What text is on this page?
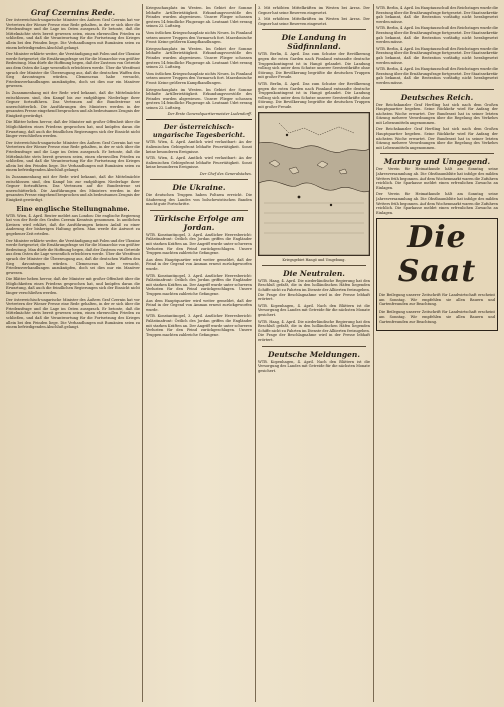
Graf Czernins Rede.

Der österreichisch-ungarische Minister des Äußern Graf Czernin hat vor Vertretern der Wiener Presse eine Rede gehalten, in der er sich über die Friedensfrage und die Lage im Osten aussprach. Er betonte, daß die Mittelmächte stets bereit gewesen seien, einen ehrenvollen Frieden zu schließen, und daß die Verantwortung für die Fortsetzung des Krieges allein bei den Feinden liege. Die Verhandlungen mit Rumänien seien zu einem befriedigenden Abschluß gelangt.

Der Minister erklärte weiter, die Verständigung mit Polen und der Ukraine werde fortgesetzt; die Ernährungsfrage sei für die Monarchie von größter Bedeutung. Man dürfe die Hoffnung hegen, daß der Zustrom von Getreide aus dem Osten die Lage wesentlich erleichtern werde. Über die Westfront sprach der Minister die Überzeugung aus, daß die deutschen Waffen den Sieg davontragen würden. Clemenceau habe versucht, Friedensverhandlungen anzuknüpfen, doch sei dies nur ein Manöver gewesen.

In Zusammenhang mit der Rede wird bekannt, daß die Mittelmächte entschlossen sind, den Kampf bis zur endgültigen Niederlage ihrer Gegner fortzuführen. Das Vertrauen auf die Bundestreue sei unerschütterlich. Die Ausführungen des Ministers werden in der gesamten Presse eingehend besprochen und als bedeutsames Zeugnis der Einigkeit gewürdigt.

Die Blätter heben hervor, daß der Minister mit großer Offenheit über die Möglichkeiten eines Friedens gesprochen hat, und knüpfen daran die Erwartung, daß auch die feindlichen Regierungen sich der Einsicht nicht länger verschließen werden.

Der österreichisch-ungarische Minister des Äußern Graf Czernin hat vor Vertretern der Wiener Presse eine Rede gehalten, in der er sich über die Friedensfrage und die Lage im Osten aussprach. Er betonte, daß die Mittelmächte stets bereit gewesen seien, einen ehrenvollen Frieden zu schließen, und daß die Verantwortung für die Fortsetzung des Krieges allein bei den Feinden liege. Die Verhandlungen mit Rumänien seien zu einem befriedigenden Abschluß gelangt.

In Zusammenhang mit der Rede wird bekannt, daß die Mittelmächte entschlossen sind, den Kampf bis zur endgültigen Niederlage ihrer Gegner fortzuführen. Das Vertrauen auf die Bundestreue sei unerschütterlich. Die Ausführungen des Ministers werden in der gesamten Presse eingehend besprochen und als bedeutsames Zeugnis der Einigkeit gewürdigt.

Eine englische Stellungnahme.

WTB. Wien, 4. April. Reuter meldet aus London: Die englische Regierung hat von der Rede des Grafen Czernin Kenntnis genommen. In amtlichen Kreisen wird erklärt, daß die Ausführungen keinen Anlaß zu einer Änderung der bisherigen Haltung geben. Man werde die Antwort zu gegebener Zeit erteilen.

Der Minister erklärte weiter, die Verständigung mit Polen und der Ukraine werde fortgesetzt; die Ernährungsfrage sei für die Monarchie von größter Bedeutung. Man dürfe die Hoffnung hegen, daß der Zustrom von Getreide aus dem Osten die Lage wesentlich erleichtern werde. Über die Westfront sprach der Minister die Überzeugung aus, daß die deutschen Waffen den Sieg davontragen würden. Clemenceau habe versucht, Friedensverhandlungen anzuknüpfen, doch sei dies nur ein Manöver gewesen.

Die Blätter heben hervor, daß der Minister mit großer Offenheit über die Möglichkeiten eines Friedens gesprochen hat, und knüpfen daran die Erwartung, daß auch die feindlichen Regierungen sich der Einsicht nicht länger verschließen werden.

Der österreichisch-ungarische Minister des Äußern Graf Czernin hat vor Vertretern der Wiener Presse eine Rede gehalten, in der er sich über die Friedensfrage und die Lage im Osten aussprach. Er betonte, daß die Mittelmächte stets bereit gewesen seien, einen ehrenvollen Frieden zu schließen, und daß die Verantwortung für die Fortsetzung des Krieges allein bei den Feinden liege. Die Verhandlungen mit Rumänien seien zu einem befriedigenden Abschluß gelangt.

Kriegsschauplatz im Westen. Im Gebiet der Somme lebhafte Artillerietätigkeit. Erkundungsvorstöße des Feindes wurden abgewiesen. Unsere Flieger schossen gestern 14 feindliche Flugzeuge ab. Leutnant Udet errang seinen 22. Luftsieg.

Vom östlichen Kriegsschauplatz nichts Neues. In Finnland setzen unsere Truppen den Vormarsch fort. Mazedonische Front: Keine größeren Kampfhandlungen.

Kriegsschauplatz im Westen. Im Gebiet der Somme lebhafte Artillerietätigkeit. Erkundungsvorstöße des Feindes wurden abgewiesen. Unsere Flieger schossen gestern 14 feindliche Flugzeuge ab. Leutnant Udet errang seinen 22. Luftsieg.

Vom östlichen Kriegsschauplatz nichts Neues. In Finnland setzen unsere Truppen den Vormarsch fort. Mazedonische Front: Keine größeren Kampfhandlungen.

Kriegsschauplatz im Westen. Im Gebiet der Somme lebhafte Artillerietätigkeit. Erkundungsvorstöße des Feindes wurden abgewiesen. Unsere Flieger schossen gestern 14 feindliche Flugzeuge ab. Leutnant Udet errang seinen 22. Luftsieg.

Der Erste Generalquartiermeister Ludendorff.
Der österreichisch-ungarische Tagesbericht.

WTB. Wien, 4. April. Amtlich wird verlautbart: An der italienischen Gebirgsfront lebhafte Feuertätigkeit. Sonst keine besonderen Ereignisse.

WTB. Wien, 4. April. Amtlich wird verlautbart: An der italienischen Gebirgsfront lebhafte Feuertätigkeit. Sonst keine besonderen Ereignisse.

Der Chef des Generalstabes.
Die Ukraine.

Die deutschen Truppen haben Poltawa erreicht. Die Säuberung des Landes von bolschewistischen Banden macht gute Fortschritte.

Türkische Erfolge am Jordan.

WTB. Konstantinopel, 3. April. Amtlicher Heeresbericht: Palästinafront: Östlich des Jordan griffen die Engländer mit starken Kräften an. Der Angriff wurde unter schweren Verlusten für den Feind zurückgeschlagen. Unsere Truppen machten zahlreiche Gefangene.

Aus dem Hauptquartier wird weiter gemeldet, daß der Feind in der Gegend von Amman erneut zurückgeworfen wurde.

WTB. Konstantinopel, 3. April. Amtlicher Heeresbericht: Palästinafront: Östlich des Jordan griffen die Engländer mit starken Kräften an. Der Angriff wurde unter schweren Verlusten für den Feind zurückgeschlagen. Unsere Truppen machten zahlreiche Gefangene.

Aus dem Hauptquartier wird weiter gemeldet, daß der Feind in der Gegend von Amman erneut zurückgeworfen wurde.

WTB. Konstantinopel, 3. April. Amtlicher Heeresbericht: Palästinafront: Östlich des Jordan griffen die Engländer mit starken Kräften an. Der Angriff wurde unter schweren Verlusten für den Feind zurückgeschlagen. Unsere Truppen machten zahlreiche Gefangene.

3. Mit erhöhten Mittelkräften im Westen bei Arras. Der Gegner hat seine Reserven eingesetzt.

3. Mit erhöhten Mittelkräften im Westen bei Arras. Der Gegner hat seine Reserven eingesetzt.

Die Landung in Südfinnland.

WTB. Berlin, 4. April. Das zum Schutze der Bevölkerung gegen die roten Garden nach Finnland entsandte deutsche Truppenkontingent ist in Hangö gelandet. Die Landung vollzog sich unter dem Schutze unserer Seestreitkräfte ohne Störung. Die Bevölkerung begrüßte die deutschen Truppen mit großer Freude.

WTB. Berlin, 4. April. Das zum Schutze der Bevölkerung gegen die roten Garden nach Finnland entsandte deutsche Truppenkontingent ist in Hangö gelandet. Die Landung vollzog sich unter dem Schutze unserer Seestreitkräfte ohne Störung. Die Bevölkerung begrüßte die deutschen Truppen mit großer Freude.

Kriegsgebiet Hangö und Umgebung.
Die Neutralen.

WTB. Haag, 4. April. Die niederländische Regierung hat den Beschluß gefaßt, die in den holländischen Häfen liegenden Schiffe nicht zu Fahrten im Dienste der Alliierten freizugeben. Die Frage der Beschlagnahme wird in der Presse lebhaft erörtert.

WTB. Kopenhagen, 4. April. Nach den Blättern ist die Versorgung des Landes mit Getreide für die nächsten Monate gesichert.

WTB. Haag, 4. April. Die niederländische Regierung hat den Beschluß gefaßt, die in den holländischen Häfen liegenden Schiffe nicht zu Fahrten im Dienste der Alliierten freizugeben. Die Frage der Beschlagnahme wird in der Presse lebhaft erörtert.

Deutsche Meldungen.

WTB. Kopenhagen, 4. April. Nach den Blättern ist die Versorgung des Landes mit Getreide für die nächsten Monate gesichert.

WTB. Berlin, 4. April. Im Hauptausschuß des Reichstages wurde die Beratung über die Ernährungsfrage fortgesetzt. Der Staatssekretär gab bekannt, daß die Brotration vorläufig nicht herabgesetzt werden müsse.

WTB. Berlin, 4. April. Im Hauptausschuß des Reichstages wurde die Beratung über die Ernährungsfrage fortgesetzt. Der Staatssekretär gab bekannt, daß die Brotration vorläufig nicht herabgesetzt werden müsse.

WTB. Berlin, 4. April. Im Hauptausschuß des Reichstages wurde die Beratung über die Ernährungsfrage fortgesetzt. Der Staatssekretär gab bekannt, daß die Brotration vorläufig nicht herabgesetzt werden müsse.

WTB. Berlin, 4. April. Im Hauptausschuß des Reichstages wurde die Beratung über die Ernährungsfrage fortgesetzt. Der Staatssekretär gab bekannt, daß die Brotration vorläufig nicht herabgesetzt werden müsse.

Deutsches Reich.

Der Reichskanzler Graf Hertling hat sich nach dem Großen Hauptquartier begeben. Seine Rückkehr wird für Anfang der nächsten Woche erwartet. Der Bundesrat hat in seiner letzten Sitzung mehrere Verordnungen über die Regelung des Verkehrs mit Lebensmitteln angenommen.

Der Reichskanzler Graf Hertling hat sich nach dem Großen Hauptquartier begeben. Seine Rückkehr wird für Anfang der nächsten Woche erwartet. Der Bundesrat hat in seiner letzten Sitzung mehrere Verordnungen über die Regelung des Verkehrs mit Lebensmitteln angenommen.

Marburg und Umgegend.

Der Verein für Heimatkunde hält am Sonntag seine Jahresversammlung ab. Die Obstbaumblüte hat infolge des milden Wetters früh begonnen. Auf dem Wochenmarkt waren die Zufuhren reichlich. Die Sparkasse meldet einen erfreulichen Zuwachs an Einlagen.

Der Verein für Heimatkunde hält am Sonntag seine Jahresversammlung ab. Die Obstbaumblüte hat infolge des milden Wetters früh begonnen. Auf dem Wochenmarkt waren die Zufuhren reichlich. Die Sparkasse meldet einen erfreulichen Zuwachs an Einlagen.

Die Saat

Die Beilegung unserer Zeitschrift für Landwirtschaft erscheint am Sonntag. Wir empfehlen sie allen Bauern und Gartenfreunden zur Beachtung.

Die Beilegung unserer Zeitschrift für Landwirtschaft erscheint am Sonntag. Wir empfehlen sie allen Bauern und Gartenfreunden zur Beachtung.
